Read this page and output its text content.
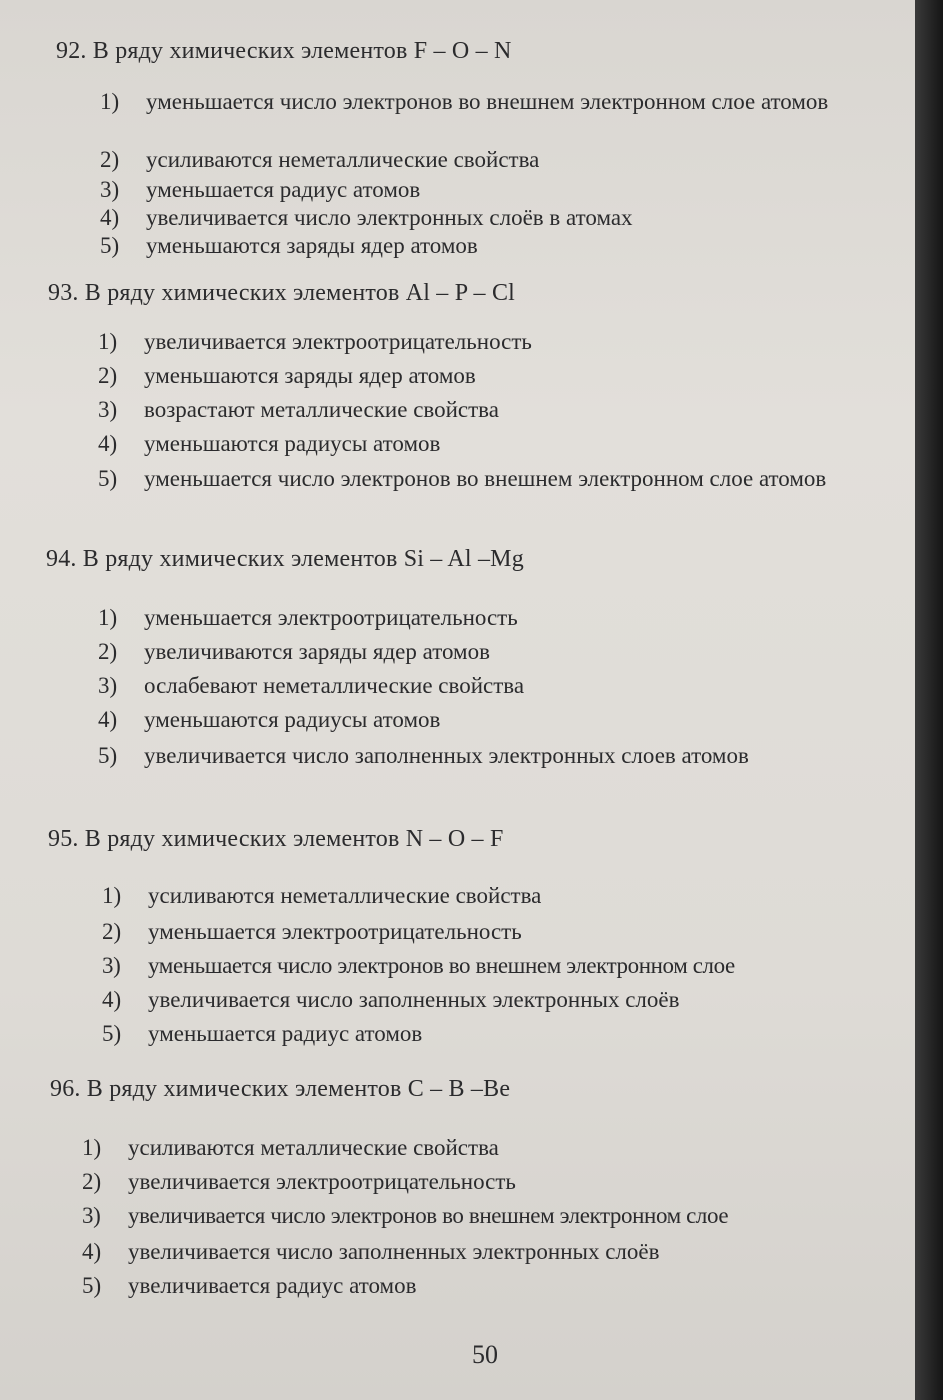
92. В ряду химических элементов F – O – N
1)	уменьшается число электронов во внешнем электронном слое атомов
2)	усиливаются неметаллические свойства
3)	уменьшается радиус атомов
4)	увеличивается число электронных слоёв в атомах
5)	уменьшаются заряды ядер атомов
93. В ряду химических элементов Al – P – Cl
1)	увеличивается электроотрицательность
2)	уменьшаются заряды ядер атомов
3)	возрастают металлические свойства
4)	уменьшаются радиусы атомов
5)	уменьшается число электронов во внешнем электронном слое атомов
94. В ряду химических элементов Si – Al –Mg
1)	уменьшается электроотрицательность
2)	увеличиваются заряды ядер атомов
3)	ослабевают неметаллические свойства
4)	уменьшаются радиусы атомов
5)	увеличивается число заполненных электронных слоев атомов
95. В ряду химических элементов N – O – F
1)	усиливаются неметаллические свойства
2)	уменьшается электроотрицательность
3)	уменьшается число электронов во внешнем электронном слое
4)	увеличивается число заполненных электронных слоёв
5)	уменьшается радиус атомов
96. В ряду химических элементов C – B –Be
1)	усиливаются металлические свойства
2)	увеличивается электроотрицательность
3)	увеличивается число электронов во внешнем электронном слое
4)	увеличивается число заполненных электронных слоёв
5)	увеличивается радиус атомов
50
